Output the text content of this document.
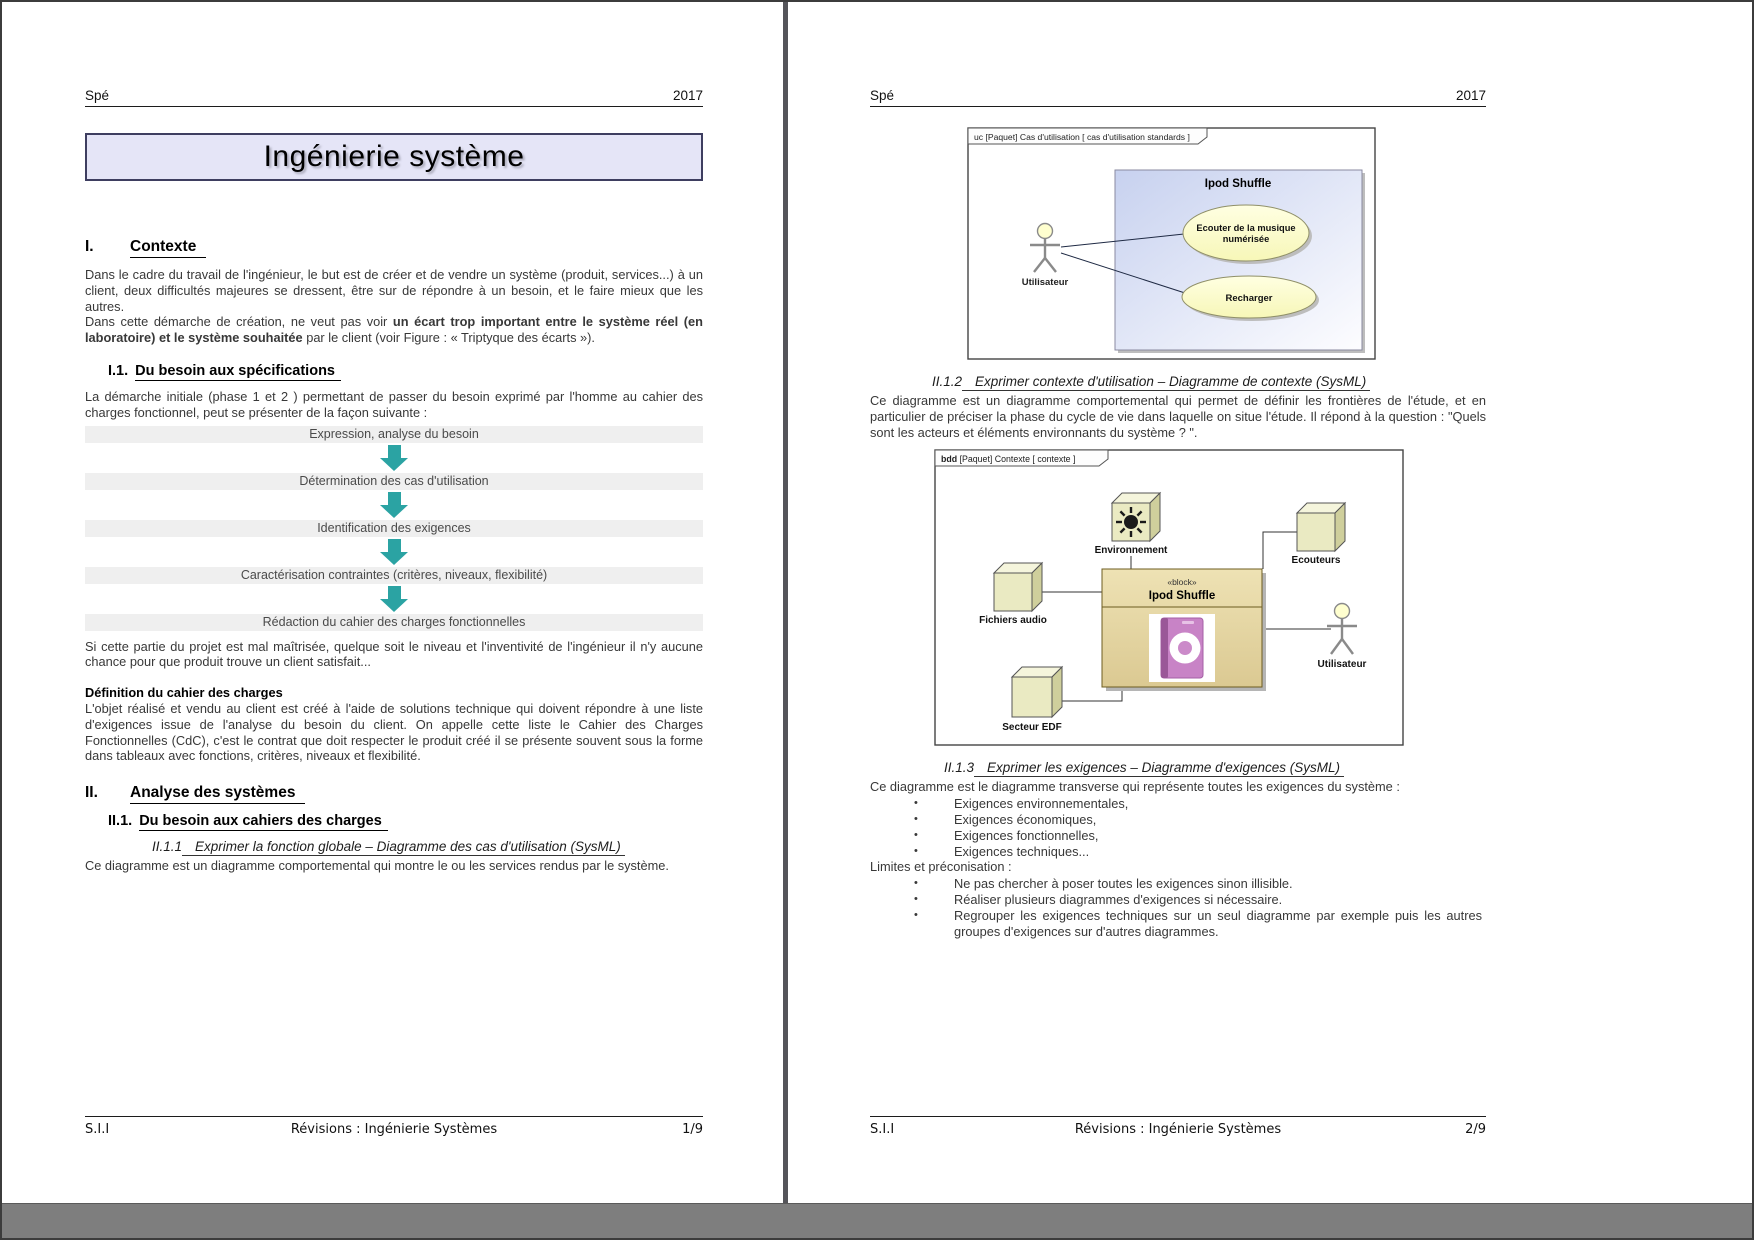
Spé	2017
Ingénierie système
I.	Contexte

Dans le cadre du travail de l'ingénieur, le but est de créer et de vendre un système (produit, services...) à un client, deux difficultés majeures se dressent, être sur de répondre à un besoin, et le faire mieux que les autres.

Dans cette démarche de création, ne veut pas voir un écart trop important entre le système réel (en laboratoire) et le système souhaitée par le client (voir Figure : « Triptyque des écarts »).

I.1. Du besoin aux spécifications

La démarche initiale (phase 1 et 2 ) permettant de passer du besoin exprimé par l'homme au cahier des charges fonctionnel, peut se présenter de la façon suivante :

Expression, analyse du besoin
Détermination des cas d'utilisation
Identification des exigences
Caractérisation contraintes (critères, niveaux, flexibilité)
Rédaction du cahier des charges fonctionnelles

Si cette partie du projet est mal maîtrisée, quelque soit le niveau et l'inventivité de l'ingénieur il n'y aucune chance pour que produit trouve un client satisfait...

Définition du cahier des charges

L'objet réalisé et vendu au client est créé à l'aide de solutions technique qui doivent répondre à une liste d'exigences issue de l'analyse du besoin du client. On appelle cette liste le Cahier des Charges Fonctionnelles (CdC), c'est le contrat que doit respecter le produit créé il se présente souvent sous la forme dans tableaux avec fonctions, critères, niveaux et flexibilité.

II.	Analyse des systèmes
II.1. Du besoin aux cahiers des charges
II.1.1 Exprimer la fonction globale – Diagramme des cas d'utilisation (SysML)

Ce diagramme est un diagramme comportemental qui montre le ou les services rendus par le système.

S.I.I	Révisions : Ingénierie Systèmes	1/9
Spé	2017
uc [Paquet] Cas d'utilisation [ cas d'utilisation standards ]
Ipod Shuffle
Ecouter de la musique
numérisée
Recharger
Utilisateur
II.1.2 Exprimer contexte d'utilisation – Diagramme de contexte (SysML)

Ce diagramme est un diagramme comportemental qui permet de définir les frontières de l'étude, et en particulier de préciser la phase du cycle de vie dans laquelle on situe l'étude. Il répond à la question : "Quels sont les acteurs et éléments environnants du système ? ".

bdd [Paquet] Contexte [ contexte ]
Environnement
Ecouteurs
Fichiers audio
Secteur EDF
«block»
Ipod Shuffle
Utilisateur
II.1.3 Exprimer les exigences – Diagramme d'exigences (SysML)

Ce diagramme est le diagramme transverse qui représente toutes les exigences du système :

•	Exigences environnementales,
•	Exigences économiques,
•	Exigences fonctionnelles,
•	Exigences techniques...

Limites et préconisation :

•	Ne pas chercher à poser toutes les exigences sinon illisible.
•	Réaliser plusieurs diagrammes d'exigences si nécessaire.
•	Regrouper les exigences techniques sur un seul diagramme par exemple puis les autres groupes d'exigences sur d'autres diagrammes.
S.I.I	Révisions : Ingénierie Systèmes	2/9
